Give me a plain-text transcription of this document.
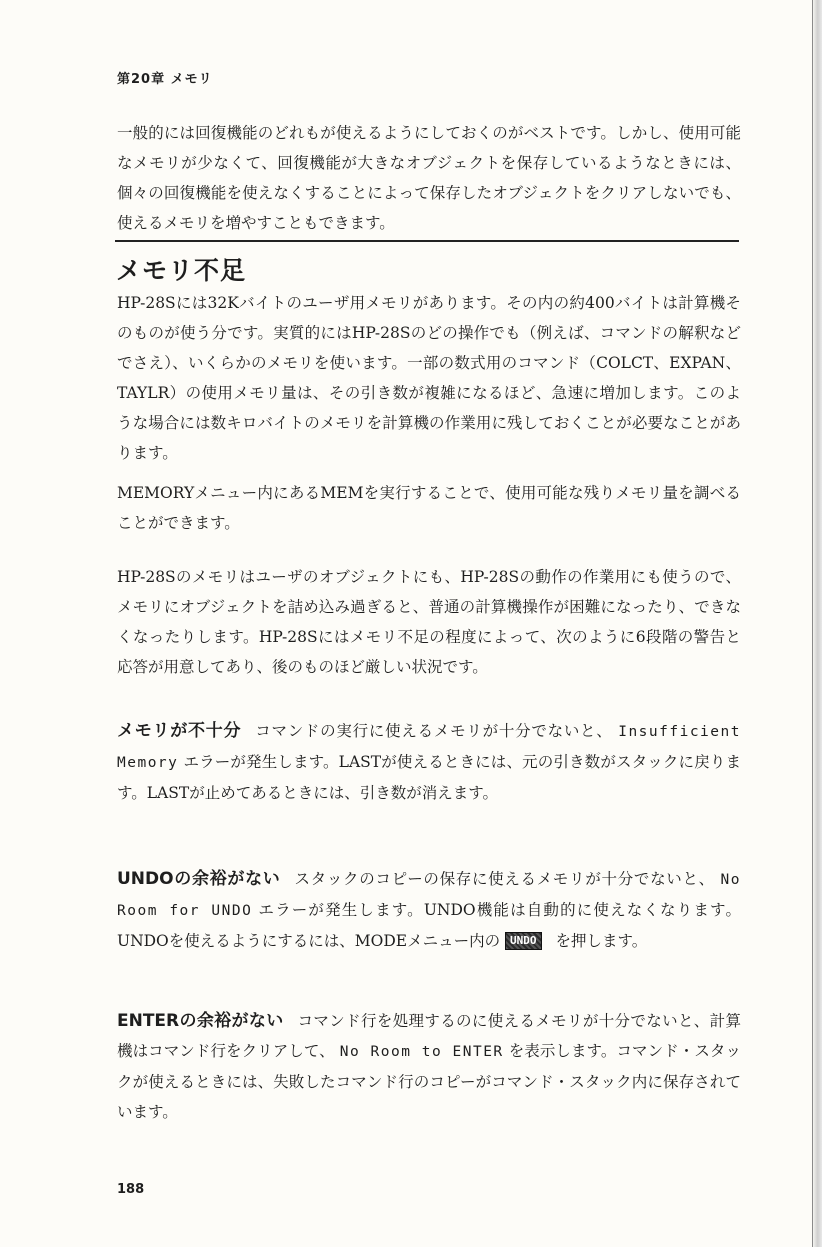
第20章 メモリ

一般的には回復機能のどれもが使えるようにしておくのがベストです。しかし、使用可能なメモリが少なくて、回復機能が大きなオブジェクトを保存しているようなときには、個々の回復機能を使えなくすることによって保存したオブジェクトをクリアしないでも、使えるメモリを増やすこともできます。

メモリ不足

HP-28Sには32Kバイトのユーザ用メモリがあります。その内の約400バイトは計算機そのものが使う分です。実質的にはHP-28Sのどの操作でも（例えば、コマンドの解釈などでさえ）、いくらかのメモリを使います。一部の数式用のコマンド（COLCT、EXPAN、TAYLR）の使用メモリ量は、その引き数が複雑になるほど、急速に増加します。このような場合には数キロバイトのメモリを計算機の作業用に残しておくことが必要なことがあります。

MEMORYメニュー内にあるMEMを実行することで、使用可能な残りメモリ量を調べることができます。

HP-28Sのメモリはユーザのオブジェクトにも、HP-28Sの動作の作業用にも使うので、メモリにオブジェクトを詰め込み過ぎると、普通の計算機操作が困難になったり、できなくなったりします。HP-28Sにはメモリ不足の程度によって、次のように6段階の警告と応答が用意してあり、後のものほど厳しい状況です。

メモリが不十分 コマンドの実行に使えるメモリが十分でないと、 Insufficient Memory エラーが発生します。LASTが使えるときには、元の引き数がスタックに戻ります。LASTが止めてあるときには、引き数が消えます。

UNDOの余裕がない スタックのコピーの保存に使えるメモリが十分でないと、 No Room for UNDO エラーが発生します。UNDO機能は自動的に使えなくなります。UNDOを使えるようにするには、MODEメニュー内の UNDO を押します。

ENTERの余裕がない コマンド行を処理するのに使えるメモリが十分でないと、計算機はコマンド行をクリアして、 No Room to ENTER を表示します。コマンド・スタックが使えるときには、失敗したコマンド行のコピーがコマンド・スタック内に保存されています。

188
